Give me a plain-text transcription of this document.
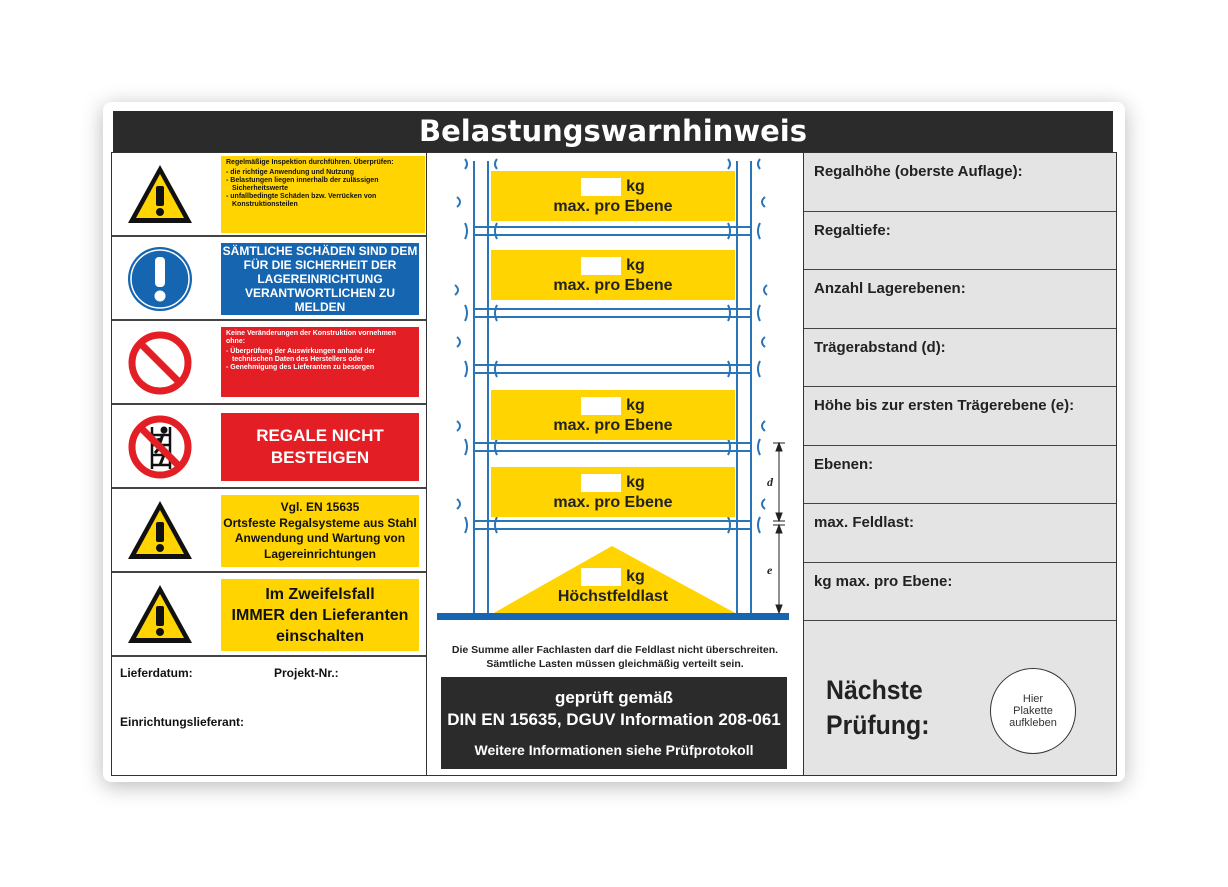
Belastungswarnhinweis
Regelmäßige Inspektion durchführen. Überprüfen:
- die richtige Anwendung und Nutzung
- Belastungen liegen innerhalb der zulässigen Sicherheitswerte
- unfallbedingte Schäden bzw. Verrücken von Konstruktionsteilen
SÄMTLICHE SCHÄDEN SIND DEM
FÜR DIE SICHERHEIT DER
LAGEREINRICHTUNG
VERANTWORTLICHEN ZU MELDEN
Keine Veränderungen der Konstruktion vornehmen ohne:
- Überprüfung der Auswirkungen anhand der technischen Daten des Herstellers oder
- Genehmigung des Lieferanten zu besorgen
REGALE NICHT
BESTEIGEN
Vgl. EN 15635
Ortsfeste Regalsysteme aus Stahl
Anwendung und Wartung von
Lagereinrichtungen
Im Zweifelsfall
IMMER den Lieferanten
einschalten
Lieferdatum:	Projekt-Nr.:
Einrichtungslieferant:
d
e
kg
max. pro Ebene
kg
max. pro Ebene
kg
max. pro Ebene
kg
max. pro Ebene
kg
Höchstfeldlast
Die Summe aller Fachlasten darf die Feldlast nicht überschreiten.
Sämtliche Lasten müssen gleichmäßig verteilt sein.
geprüft gemäß
DIN EN 15635, DGUV Information 208-061
Weitere Informationen siehe Prüfprotokoll
Regalhöhe (oberste Auflage):
Regaltiefe:
Anzahl Lagerebenen:
Trägerabstand (d):
Höhe bis zur ersten Trägerebene (e):
Ebenen:
max. Feldlast:
kg max. pro Ebene:
Nächste
Prüfung:
Hier
Plakette
aufkleben
